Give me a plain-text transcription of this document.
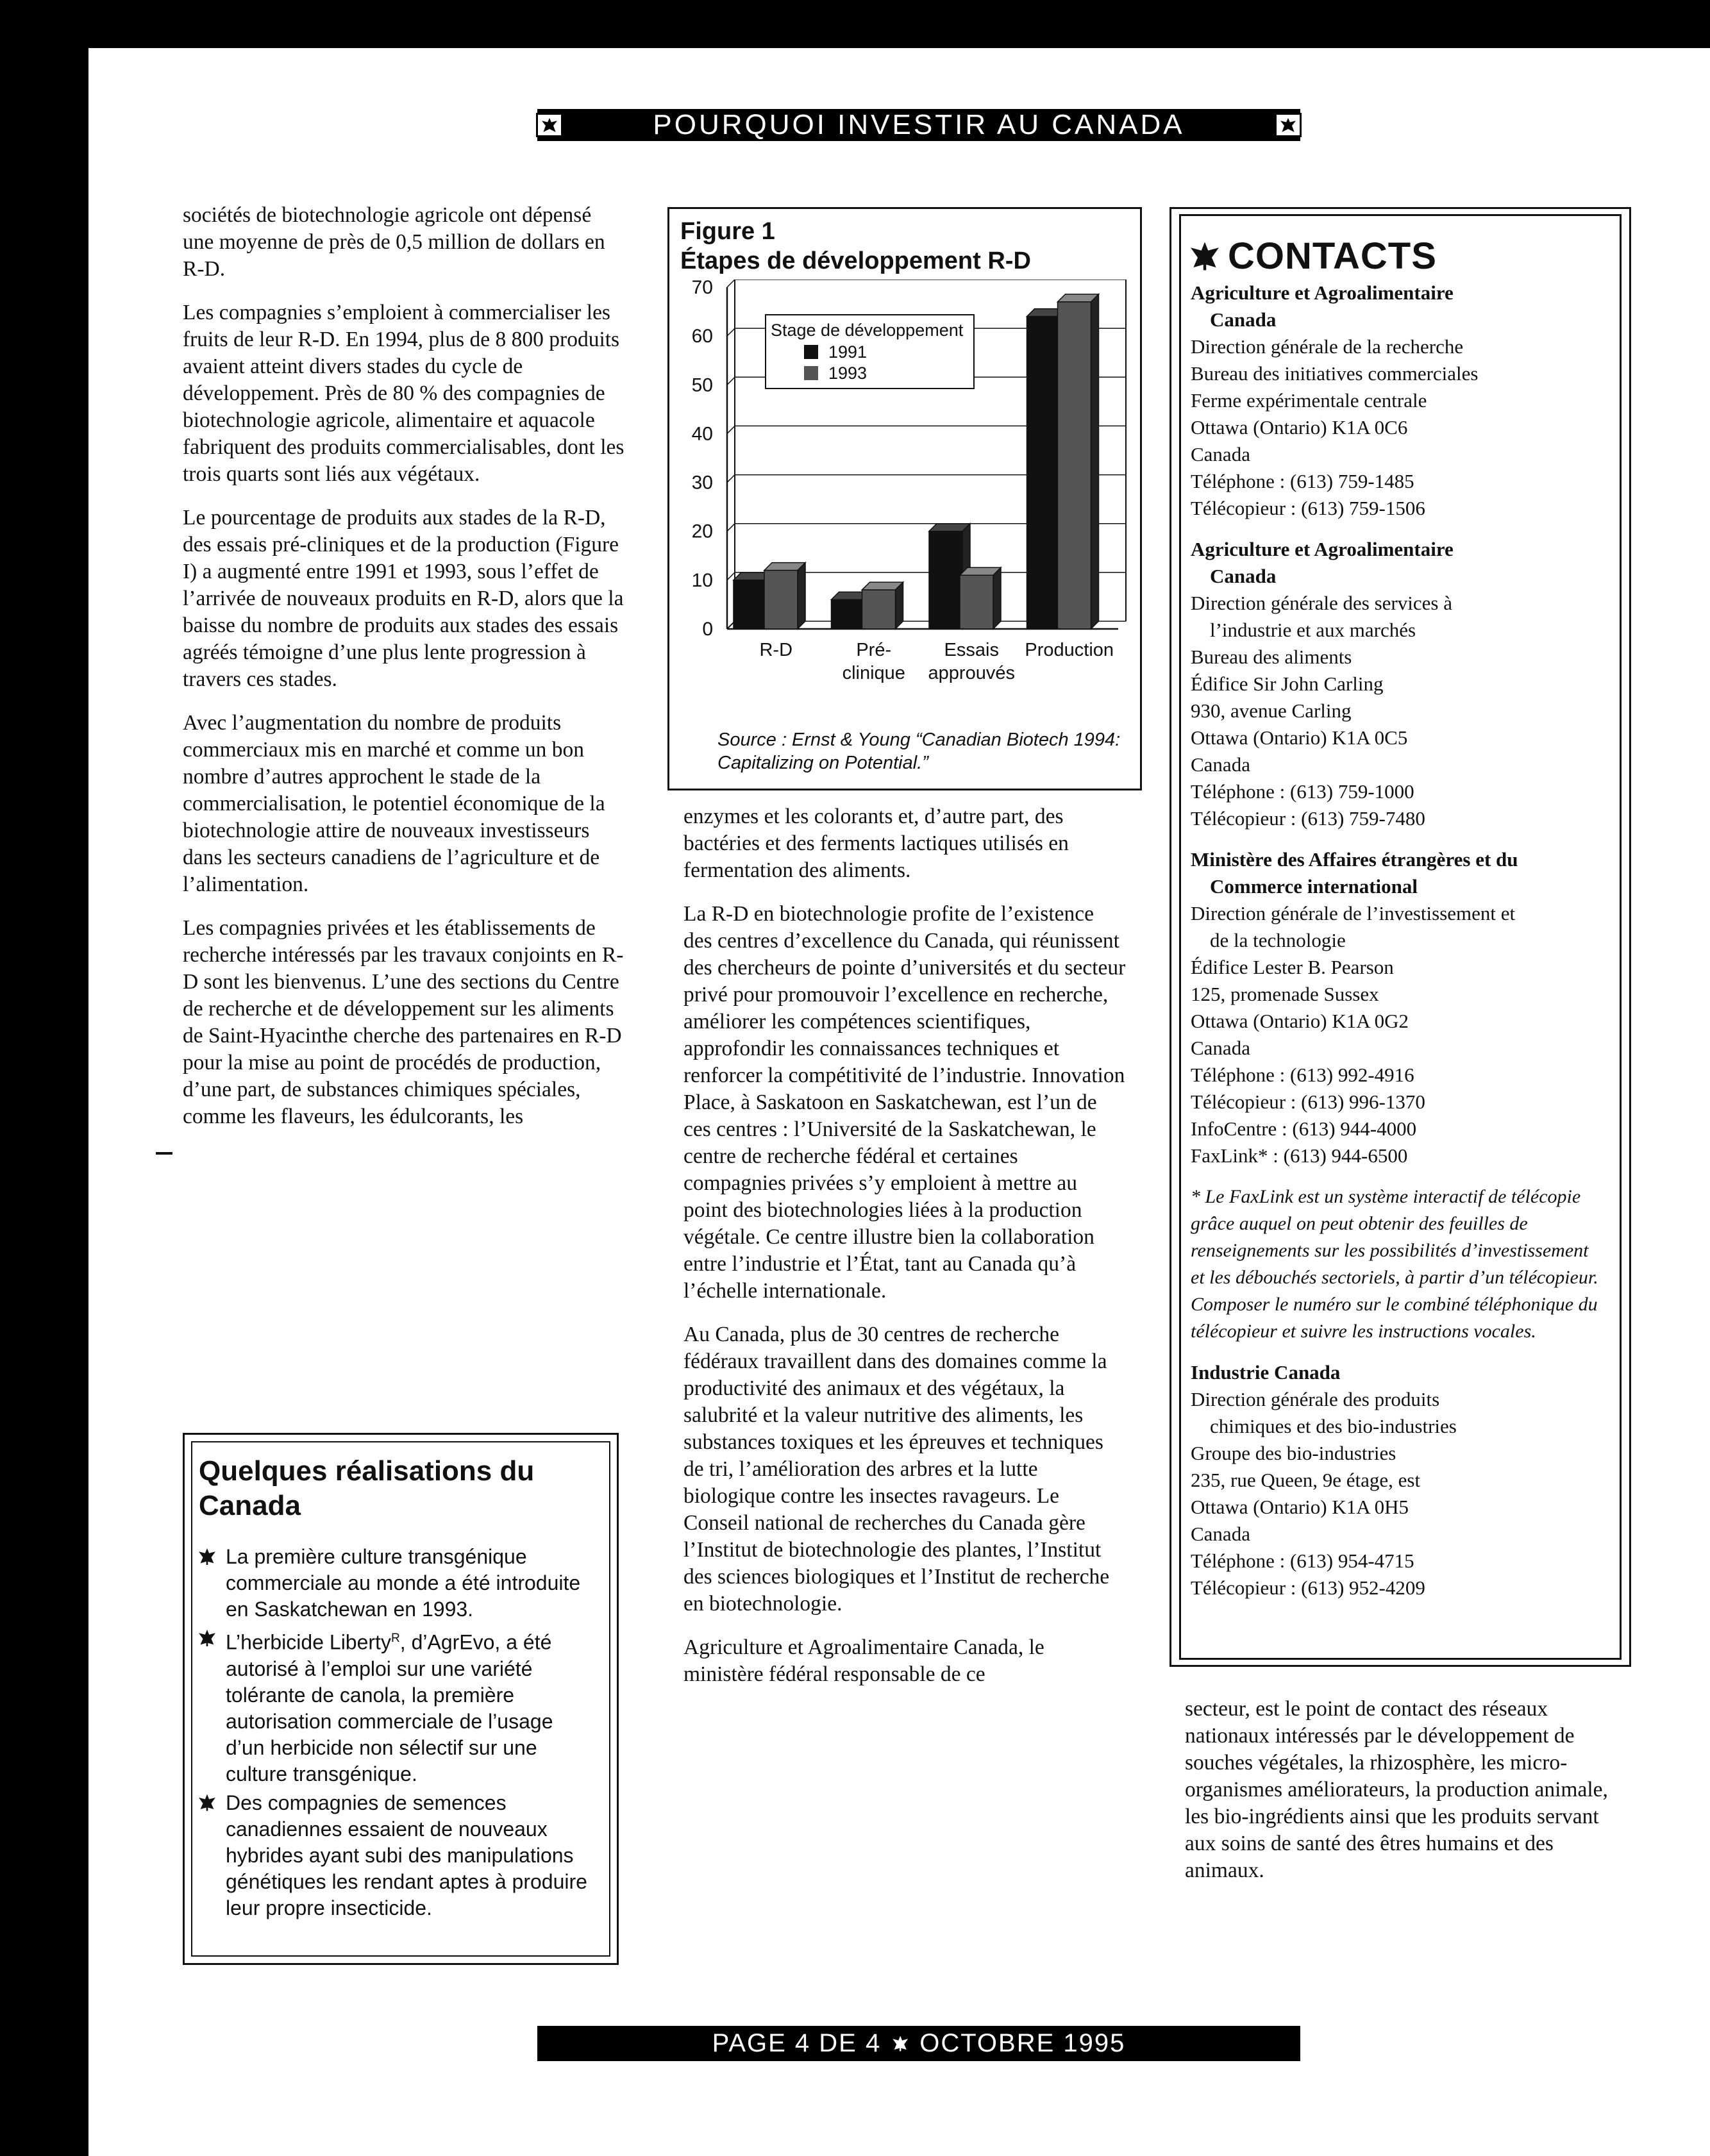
POURQUOI INVESTIR AU CANADA

sociétés de biotechnologie agricole ont dépensé une moyenne de près de 0,5 million de dollars en R-D.

Les compagnies s’emploient à commercialiser les fruits de leur R-D. En 1994, plus de 8 800 produits avaient atteint divers stades du cycle de développement. Près de 80 % des compagnies de biotechnologie agricole, alimentaire et aquacole fabriquent des produits commercialisables, dont les trois quarts sont liés aux végétaux.

Le pourcentage de produits aux stades de la R-D, des essais pré-cliniques et de la production (Figure I) a augmenté entre 1991 et 1993, sous l’effet de l’arrivée de nouveaux produits en R-D, alors que la baisse du nombre de produits aux stades des essais agréés témoigne d’une plus lente progression à travers ces stades.

Avec l’augmentation du nombre de produits commerciaux mis en marché et comme un bon nombre d’autres approchent le stade de la commercialisation, le potentiel économique de la biotechnologie attire de nouveaux investisseurs dans les secteurs canadiens de l’agriculture et de l’alimentation.

Les compagnies privées et les établissements de recherche intéressés par les travaux conjoints en R-D sont les bienvenus. L’une des sections du Centre de recherche et de développement sur les aliments de Saint-Hyacinthe cherche des partenaires en R-D pour la mise au point de procédés de production, d’une part, de substances chimiques spéciales, comme les flaveurs, les édulcorants, les

Quelques réalisations du Canada
La première culture transgénique commerciale au monde a été introduite en Saskatchewan en 1993.
L’herbicide Liberty$^R$, d’AgrEvo, a été autorisé à l’emploi sur une variété tolérante de canola, la première autorisation commerciale de l’usage d’un herbicide non sélectif sur une culture transgénique.
Des compagnies de semences canadiennes essaient de nouveaux hybrides ayant subi des manipulations génétiques les rendant aptes à produire leur propre insecticide.
Figure 1
Étapes de développement R-D
0
10
20
30
40
50
60
70
R-D	Pré-clinique
Essais approuvés
Production
Stage de développement
1991
1993
Source : Ernst & Young “Canadian Biotech 1994: Capitalizing on Potential.”

enzymes et les colorants et, d’autre part, des bactéries et des ferments lactiques utilisés en fermentation des aliments.

La R-D en biotechnologie profite de l’existence des centres d’excellence du Canada, qui réunissent des chercheurs de pointe d’universités et du secteur privé pour promouvoir l’excellence en recherche, améliorer les compétences scientifiques, approfondir les connaissances techniques et renforcer la compétitivité de l’industrie. Innovation Place, à Saskatoon en Saskatchewan, est l’un de ces centres : l’Université de la Saskatchewan, le centre de recherche fédéral et certaines compagnies privées s’y emploient à mettre au point des biotechnologies liées à la production végétale. Ce centre illustre bien la collaboration entre l’industrie et l’État, tant au Canada qu’à l’échelle internationale.

Au Canada, plus de 30 centres de recherche fédéraux travaillent dans des domaines comme la productivité des animaux et des végétaux, la salubrité et la valeur nutritive des aliments, les substances toxiques et les épreuves et techniques de tri, l’amélioration des arbres et la lutte biologique contre les insectes ravageurs. Le Conseil national de recherches du Canada gère l’Institut de biotechnologie des plantes, l’Institut des sciences biologiques et l’Institut de recherche en biotechnologie.

Agriculture et Agroalimentaire Canada, le ministère fédéral responsable de ce

CONTACTS
Agriculture et Agroalimentaire
Canada
Direction générale de la recherche
Bureau des initiatives commerciales
Ferme expérimentale centrale
Ottawa (Ontario) K1A 0C6
Canada
Téléphone : (613) 759-1485
Télécopieur : (613) 759-1506
Agriculture et Agroalimentaire
Canada
Direction générale des services à
l’industrie et aux marchés
Bureau des aliments
Édifice Sir John Carling
930, avenue Carling
Ottawa (Ontario) K1A 0C5
Canada
Téléphone : (613) 759-1000
Télécopieur : (613) 759-7480
Ministère des Affaires étrangères et du
Commerce international
Direction générale de l’investissement et
de la technologie
Édifice Lester B. Pearson
125, promenade Sussex
Ottawa (Ontario) K1A 0G2
Canada
Téléphone : (613) 992-4916
Télécopieur : (613) 996-1370
InfoCentre : (613) 944-4000
FaxLink* : (613) 944-6500
* Le FaxLink est un système interactif de télécopie grâce auquel on peut obtenir des feuilles de renseignements sur les possibilités d’investissement et les débouchés sectoriels, à partir d’un télécopieur. Composer le numéro sur le combiné téléphonique du télécopieur et suivre les instructions vocales.
Industrie Canada
Direction générale des produits
chimiques et des bio-industries
Groupe des bio-industries
235, rue Queen, 9e étage, est
Ottawa (Ontario) K1A 0H5
Canada
Téléphone : (613) 954-4715
Télécopieur : (613) 952-4209

secteur, est le point de contact des réseaux nationaux intéressés par le développement de souches végétales, la rhizosphère, les micro-organismes améliorateurs, la production animale, les bio-ingrédients ainsi que les produits servant aux soins de santé des êtres humains et des animaux.

PAGE 4 DE 4 OCTOBRE 1995
